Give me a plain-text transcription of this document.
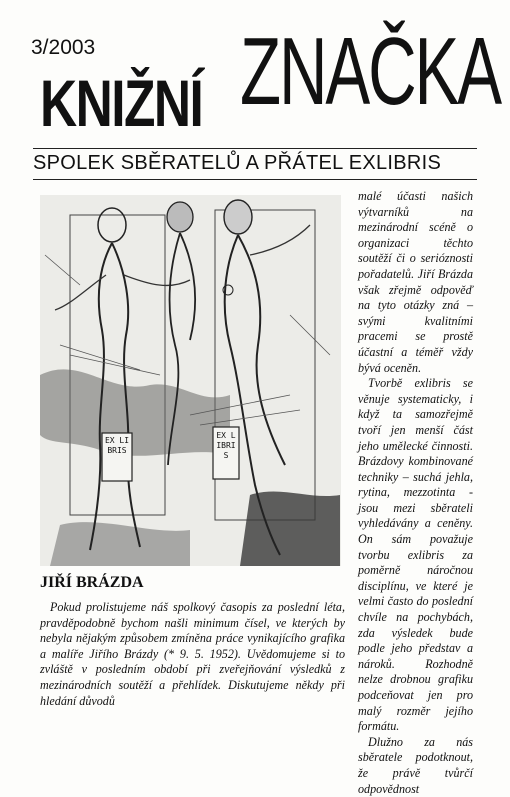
3/2003
KNIŽNÍ ZNAČKA
SPOLEK SBĚRATELŮ A PŘÁTEL EXLIBRIS
EX LIBRIS
EX LIBRIS
JIŘÍ BRÁZDA

Pokud prolistujeme náš spolkový časopis za poslední léta, pravděpodobně bychom našli minimum čísel, ve kterých by nebyla nějakým způsobem zmíněna práce vynikajícího grafika a malíře Jiřího Brázdy (* 9. 5. 1952). Uvědomujeme si to zvláště v posledním období při zveřejňování výsledků z mezinárodních soutěží a přehlídek. Diskutujeme někdy při hledání důvodů

malé účasti našich výtvarníků na mezinárodní scéně o organizaci těchto soutěží či o serióznosti pořadatelů. Jiří Brázda však zřejmě odpověď na tyto otázky zná – svými kvalitními pracemi se prostě účastní a téměř vždy bývá oceněn.

Tvorbě exlibris se věnuje systematicky, i když ta samozřejmě tvoří jen menší část jeho umělecké činnosti. Brázdovy kombinované techniky – suchá jehla, rytina, mezzotinta - jsou mezi sběrateli vyhledávány a ceněny. On sám považuje tvorbu exlibris za poměrně náročnou disciplínu, ve které je velmi často do poslední chvíle na pochybách, zda výsledek bude podle jeho představ a nároků. Rozhodně nelze drobnou grafiku podceňovat jen pro malý rozměr jejího formátu.

Dlužno za nás sběratele podotknout, že právě tvůrčí odpovědnost
